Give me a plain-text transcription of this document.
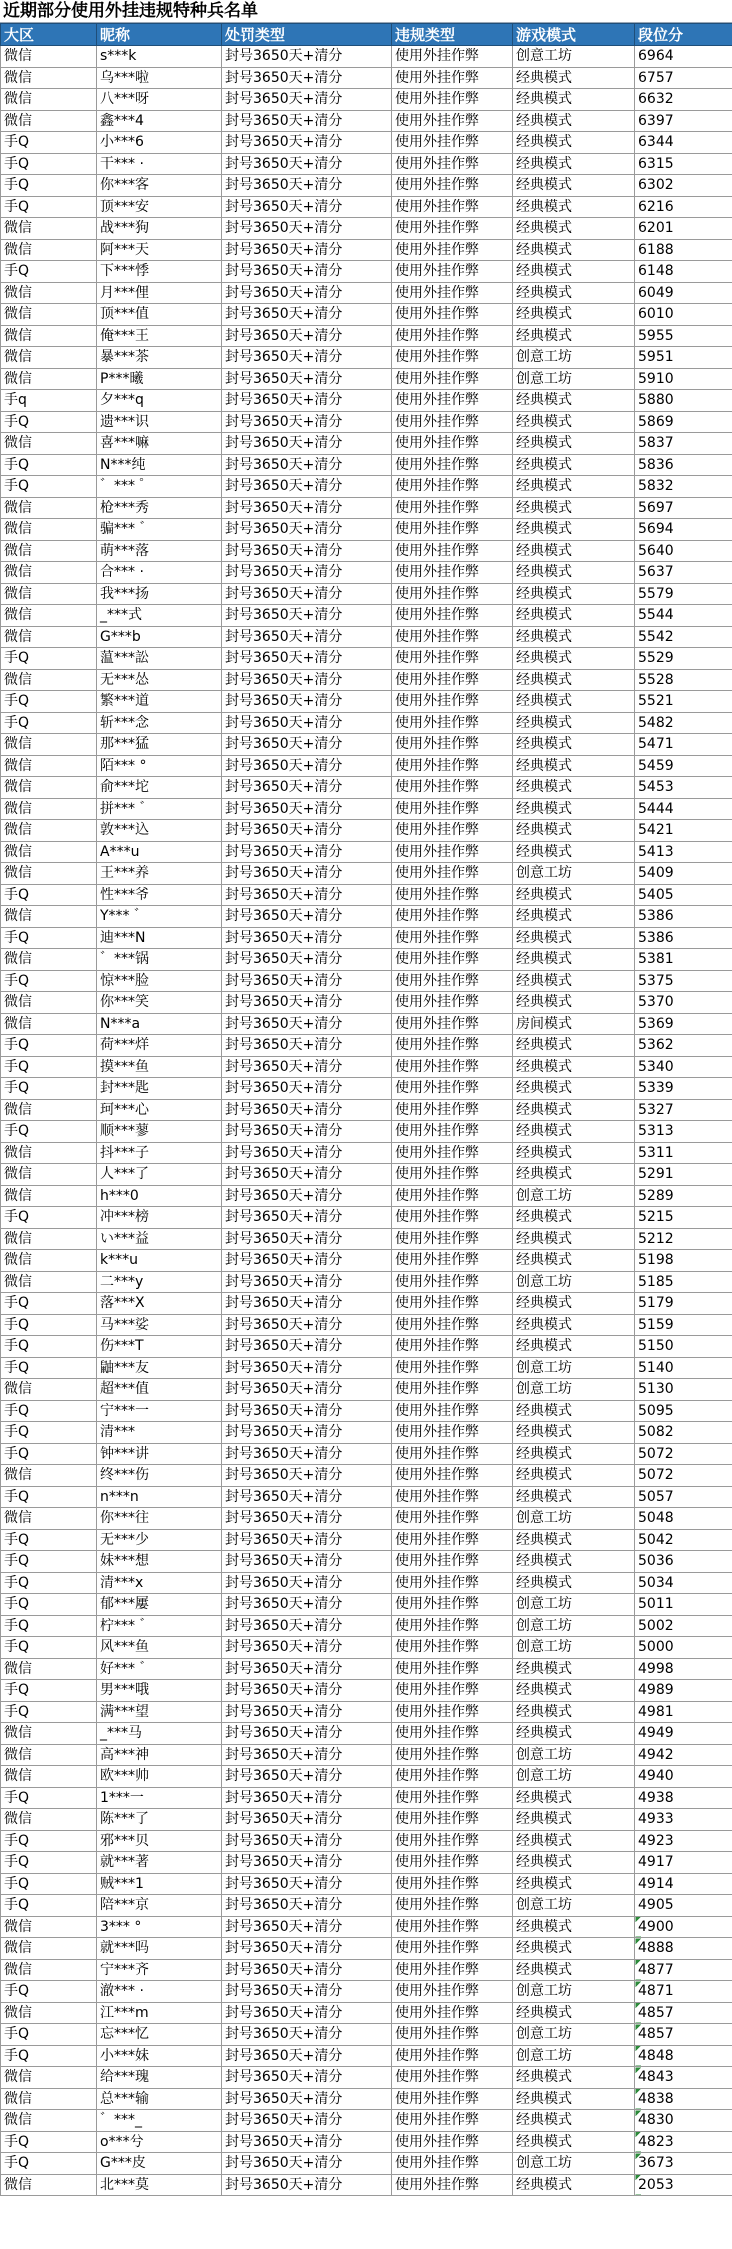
近期部分使用外挂违规特种兵名单
大区	昵称	处罚类型	违规类型	游戏模式	段位分
微信	s***k	封号3650天+清分	使用外挂作弊	创意工坊	6964
微信	乌***啦	封号3650天+清分	使用外挂作弊	经典模式	6757
微信	八***呀	封号3650天+清分	使用外挂作弊	经典模式	6632
微信	鑫***4	封号3650天+清分	使用外挂作弊	经典模式	6397
手Q	小***6	封号3650天+清分	使用外挂作弊	经典模式	6344
手Q	干*** ·	封号3650天+清分	使用外挂作弊	经典模式	6315
手Q	你***客	封号3650天+清分	使用外挂作弊	经典模式	6302
手Q	顶***安	封号3650天+清分	使用外挂作弊	经典模式	6216
微信	战***狗	封号3650天+清分	使用外挂作弊	经典模式	6201
微信	阿***天	封号3650天+清分	使用外挂作弊	经典模式	6188
手Q	下***悸	封号3650天+清分	使用外挂作弊	经典模式	6148
微信	月***俚	封号3650天+清分	使用外挂作弊	经典模式	6049
微信	顶***值	封号3650天+清分	使用外挂作弊	经典模式	6010
微信	俺***王	封号3650天+清分	使用外挂作弊	经典模式	5955
微信	暴***茶	封号3650天+清分	使用外挂作弊	创意工坊	5951
微信	P***曦	封号3650天+清分	使用外挂作弊	创意工坊	5910
手q	夕***q	封号3650天+清分	使用外挂作弊	经典模式	5880
手Q	遗***识	封号3650天+清分	使用外挂作弊	经典模式	5869
微信	喜***嘛	封号3650天+清分	使用外挂作弊	经典模式	5837
手Q	N***纯	封号3650天+清分	使用外挂作弊	经典模式	5836
手Q	゛*** ゜	封号3650天+清分	使用外挂作弊	经典模式	5832
微信	枪***秀	封号3650天+清分	使用外挂作弊	经典模式	5697
微信	骗*** ゛	封号3650天+清分	使用外挂作弊	经典模式	5694
微信	萌***落	封号3650天+清分	使用外挂作弊	经典模式	5640
微信	合*** ·	封号3650天+清分	使用外挂作弊	经典模式	5637
微信	我***扬	封号3650天+清分	使用外挂作弊	经典模式	5579
微信	_***式	封号3650天+清分	使用外挂作弊	经典模式	5544
微信	G***b	封号3650天+清分	使用外挂作弊	经典模式	5542
手Q	蕰***訟	封号3650天+清分	使用外挂作弊	经典模式	5529
微信	无***怂	封号3650天+清分	使用外挂作弊	经典模式	5528
手Q	繁***道	封号3650天+清分	使用外挂作弊	经典模式	5521
手Q	斩***念	封号3650天+清分	使用外挂作弊	经典模式	5482
微信	那***猛	封号3650天+清分	使用外挂作弊	经典模式	5471
微信	陌*** °	封号3650天+清分	使用外挂作弊	经典模式	5459
微信	俞***坨	封号3650天+清分	使用外挂作弊	经典模式	5453
微信	拼*** ゛	封号3650天+清分	使用外挂作弊	经典模式	5444
微信	敦***込	封号3650天+清分	使用外挂作弊	经典模式	5421
微信	A***u	封号3650天+清分	使用外挂作弊	经典模式	5413
微信	王***养	封号3650天+清分	使用外挂作弊	创意工坊	5409
手Q	性***爷	封号3650天+清分	使用外挂作弊	经典模式	5405
微信	Y*** ゛	封号3650天+清分	使用外挂作弊	经典模式	5386
手Q	迪***N	封号3650天+清分	使用外挂作弊	经典模式	5386
微信	゛***锅	封号3650天+清分	使用外挂作弊	经典模式	5381
手Q	惊***脸	封号3650天+清分	使用外挂作弊	经典模式	5375
微信	你***笑	封号3650天+清分	使用外挂作弊	经典模式	5370
微信	N***a	封号3650天+清分	使用外挂作弊	房间模式	5369
手Q	荷***烊	封号3650天+清分	使用外挂作弊	经典模式	5362
手Q	摸***鱼	封号3650天+清分	使用外挂作弊	经典模式	5340
手Q	封***匙	封号3650天+清分	使用外挂作弊	经典模式	5339
微信	珂***心	封号3650天+清分	使用外挂作弊	经典模式	5327
手Q	顺***蓼	封号3650天+清分	使用外挂作弊	经典模式	5313
微信	抖***子	封号3650天+清分	使用外挂作弊	经典模式	5311
微信	人***了	封号3650天+清分	使用外挂作弊	经典模式	5291
微信	h***0	封号3650天+清分	使用外挂作弊	创意工坊	5289
手Q	冲***榜	封号3650天+清分	使用外挂作弊	经典模式	5215
微信	い***益	封号3650天+清分	使用外挂作弊	经典模式	5212
微信	k***u	封号3650天+清分	使用外挂作弊	经典模式	5198
微信	二***y	封号3650天+清分	使用外挂作弊	创意工坊	5185
手Q	落***X	封号3650天+清分	使用外挂作弊	经典模式	5179
手Q	马***娑	封号3650天+清分	使用外挂作弊	经典模式	5159
手Q	伤***T	封号3650天+清分	使用外挂作弊	经典模式	5150
手Q	鼬***友	封号3650天+清分	使用外挂作弊	创意工坊	5140
微信	超***值	封号3650天+清分	使用外挂作弊	创意工坊	5130
手Q	宁***一	封号3650天+清分	使用外挂作弊	经典模式	5095
手Q	清***	封号3650天+清分	使用外挂作弊	经典模式	5082
手Q	钟***讲	封号3650天+清分	使用外挂作弊	经典模式	5072
微信	终***伤	封号3650天+清分	使用外挂作弊	经典模式	5072
手Q	n***n	封号3650天+清分	使用外挂作弊	经典模式	5057
微信	你***往	封号3650天+清分	使用外挂作弊	创意工坊	5048
手Q	无***少	封号3650天+清分	使用外挂作弊	经典模式	5042
手Q	妹***想	封号3650天+清分	使用外挂作弊	经典模式	5036
手Q	清***x	封号3650天+清分	使用外挂作弊	经典模式	5034
手Q	郁***屢	封号3650天+清分	使用外挂作弊	创意工坊	5011
手Q	柠*** ゛	封号3650天+清分	使用外挂作弊	创意工坊	5002
手Q	风***鱼	封号3650天+清分	使用外挂作弊	创意工坊	5000
微信	好*** ゛	封号3650天+清分	使用外挂作弊	经典模式	4998
手Q	男***哦	封号3650天+清分	使用外挂作弊	经典模式	4989
手Q	满***望	封号3650天+清分	使用外挂作弊	经典模式	4981
微信	_***马	封号3650天+清分	使用外挂作弊	经典模式	4949
微信	高***神	封号3650天+清分	使用外挂作弊	创意工坊	4942
微信	欧***帅	封号3650天+清分	使用外挂作弊	创意工坊	4940
手Q	1***一	封号3650天+清分	使用外挂作弊	经典模式	4938
微信	陈***了	封号3650天+清分	使用外挂作弊	经典模式	4933
手Q	邪***贝	封号3650天+清分	使用外挂作弊	经典模式	4923
手Q	就***著	封号3650天+清分	使用外挂作弊	经典模式	4917
手Q	贼***1	封号3650天+清分	使用外挂作弊	经典模式	4914
手Q	陪***京	封号3650天+清分	使用外挂作弊	创意工坊	4905
微信	3*** °	封号3650天+清分	使用外挂作弊	经典模式	4900
微信	就***吗	封号3650天+清分	使用外挂作弊	经典模式	4888
微信	宁***齐	封号3650天+清分	使用外挂作弊	经典模式	4877
手Q	澈*** ·	封号3650天+清分	使用外挂作弊	创意工坊	4871
微信	江***m	封号3650天+清分	使用外挂作弊	经典模式	4857
手Q	忘***忆	封号3650天+清分	使用外挂作弊	创意工坊	4857
手Q	小***妹	封号3650天+清分	使用外挂作弊	创意工坊	4848
微信	给***瑰	封号3650天+清分	使用外挂作弊	经典模式	4843
微信	总***输	封号3650天+清分	使用外挂作弊	经典模式	4838
微信	゛***_	封号3650天+清分	使用外挂作弊	经典模式	4830
手Q	o***兮	封号3650天+清分	使用外挂作弊	经典模式	4823
手Q	G***皮	封号3650天+清分	使用外挂作弊	创意工坊	3673
微信	北***莫	封号3650天+清分	使用外挂作弊	经典模式	2053
